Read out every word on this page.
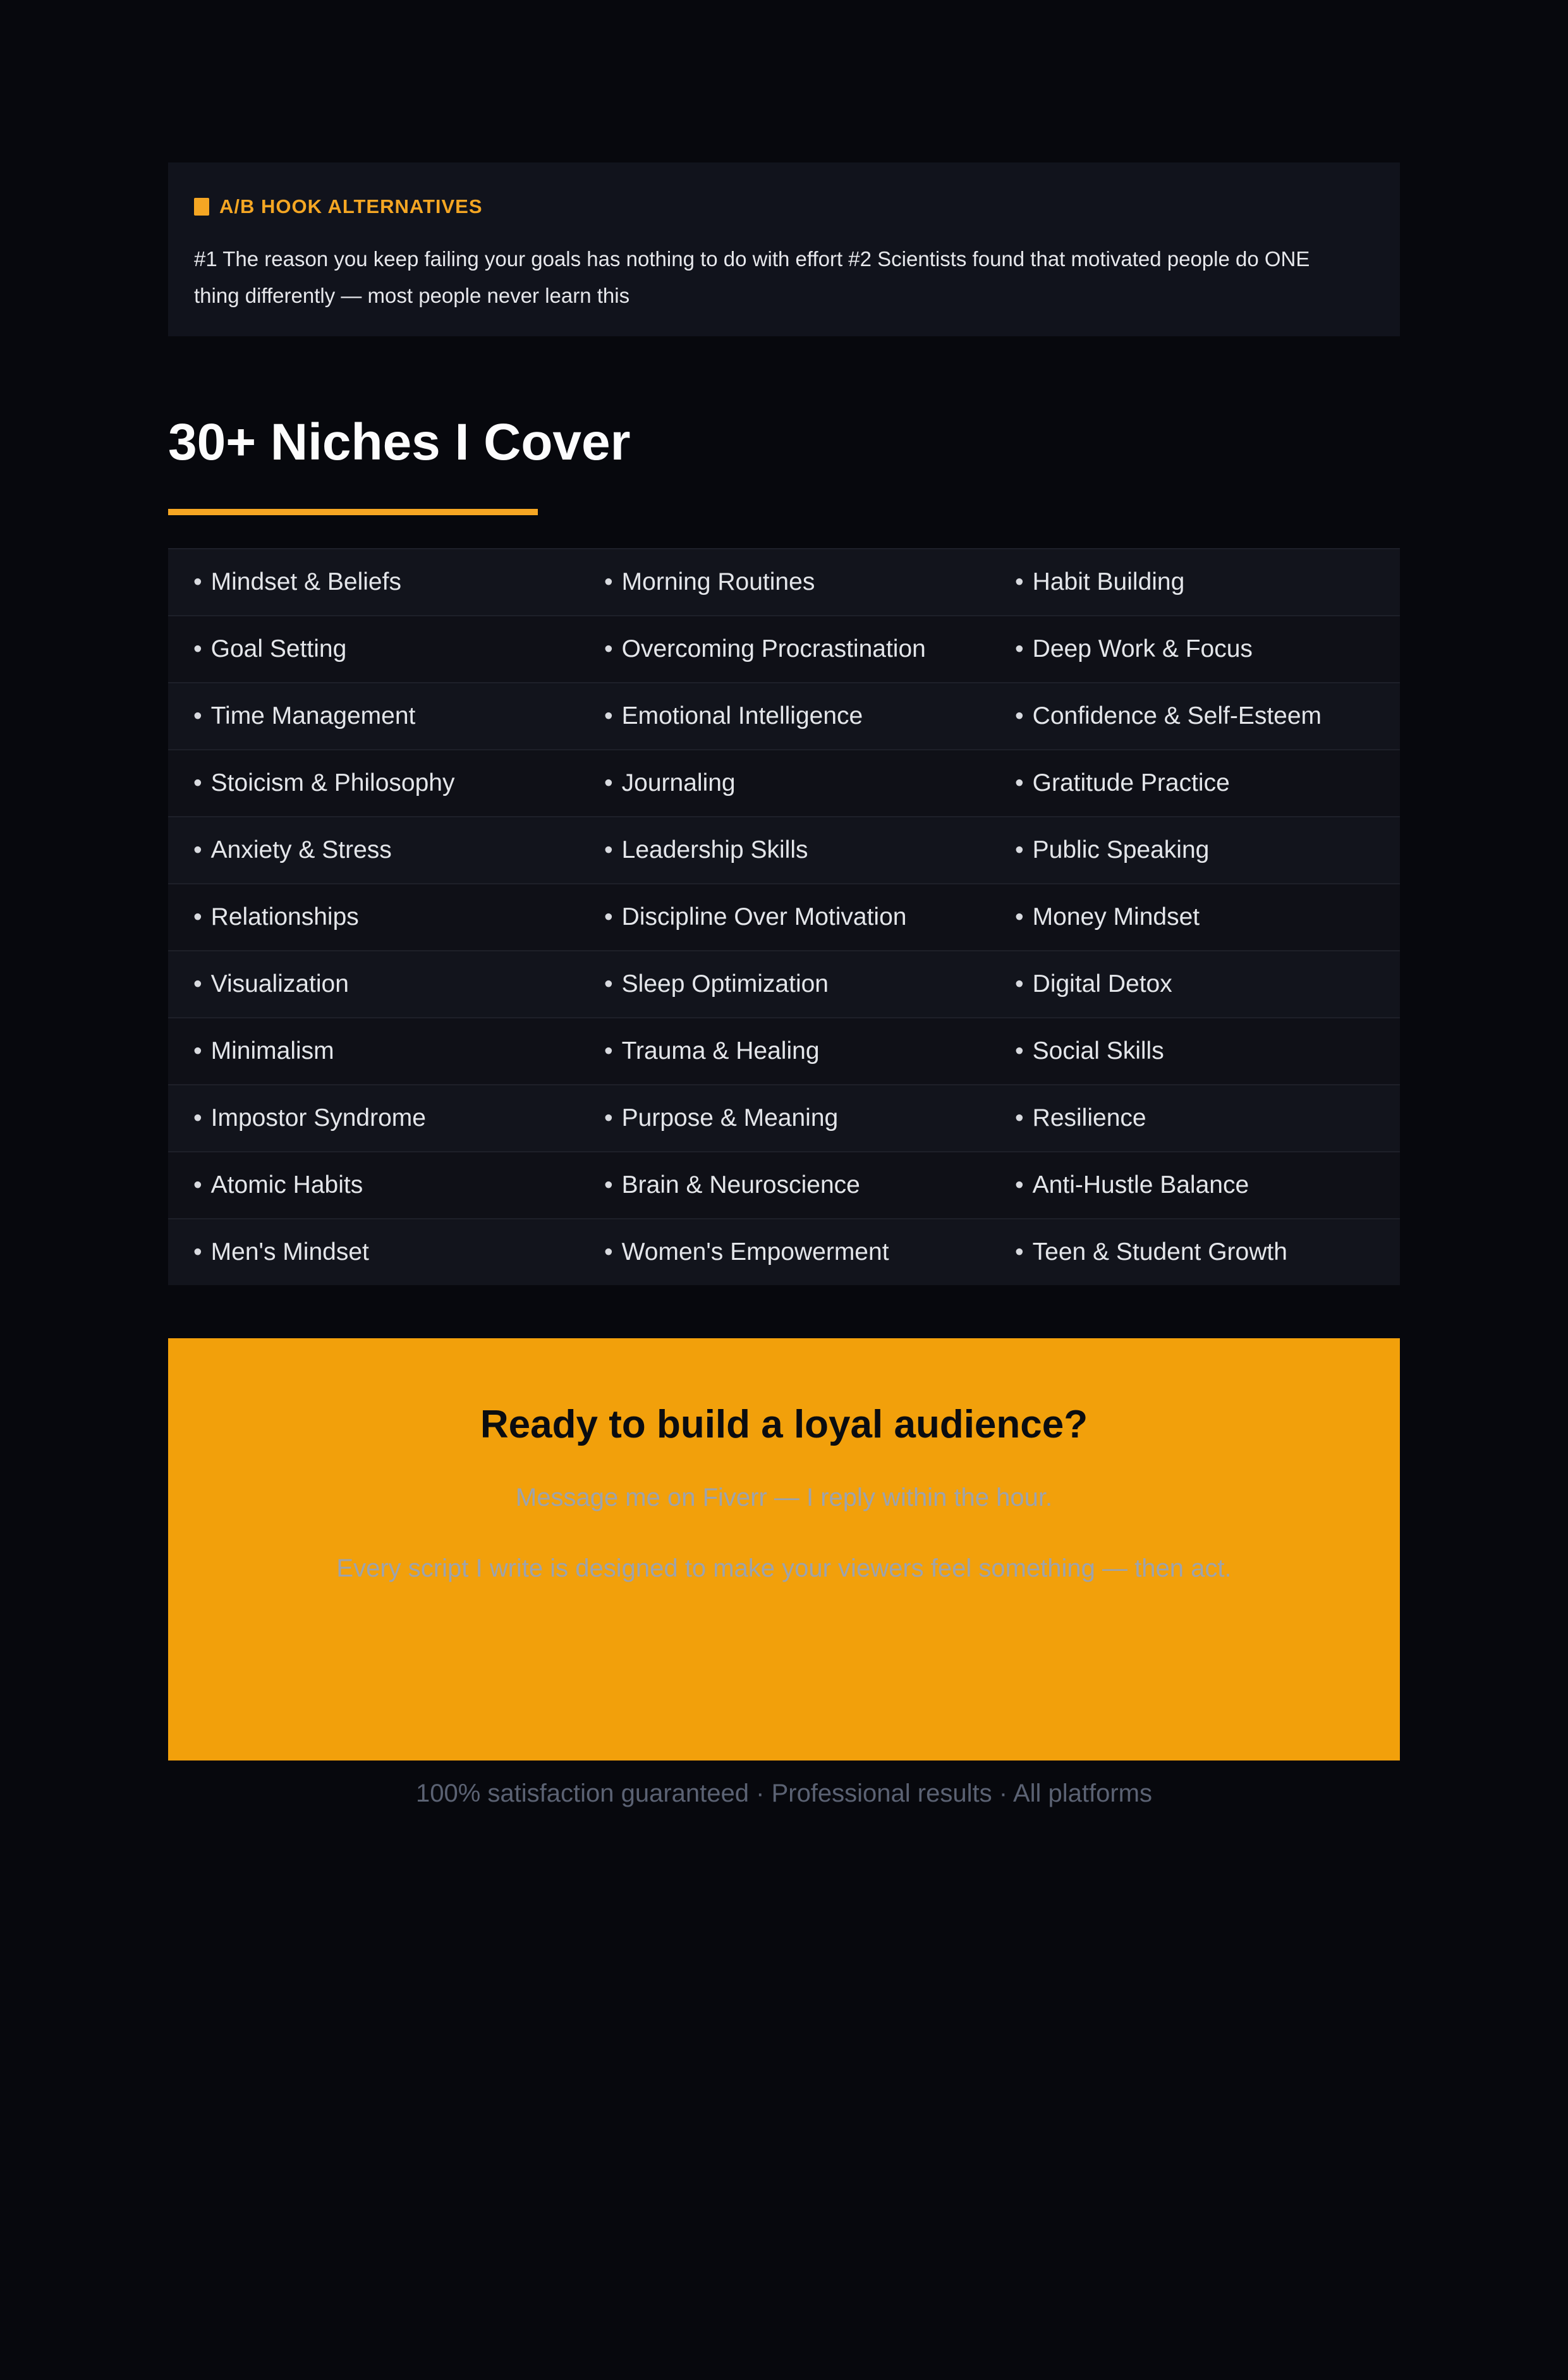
A/B HOOK ALTERNATIVES

#1 The reason you keep failing your goals has nothing to do with effort #2 Scientists found that motivated people do ONE thing differently — most people never learn this

30+ Niches I Cover
• Mindset & Beliefs	• Morning Routines	• Habit Building
• Goal Setting	• Overcoming Procrastination	• Deep Work & Focus
• Time Management	• Emotional Intelligence	• Confidence & Self-Esteem
• Stoicism & Philosophy	• Journaling	• Gratitude Practice
• Anxiety & Stress	• Leadership Skills	• Public Speaking
• Relationships	• Discipline Over Motivation	• Money Mindset
• Visualization	• Sleep Optimization	• Digital Detox
• Minimalism	• Trauma & Healing	• Social Skills
• Impostor Syndrome	• Purpose & Meaning	• Resilience
• Atomic Habits	• Brain & Neuroscience	• Anti-Hustle Balance
• Men's Mindset	• Women's Empowerment	• Teen & Student Growth
Ready to build a loyal audience?
Message me on Fiverr — I reply within the hour.
Every script I write is designed to make your viewers feel something — then act.
100% satisfaction guaranteed · Professional results · All platforms
